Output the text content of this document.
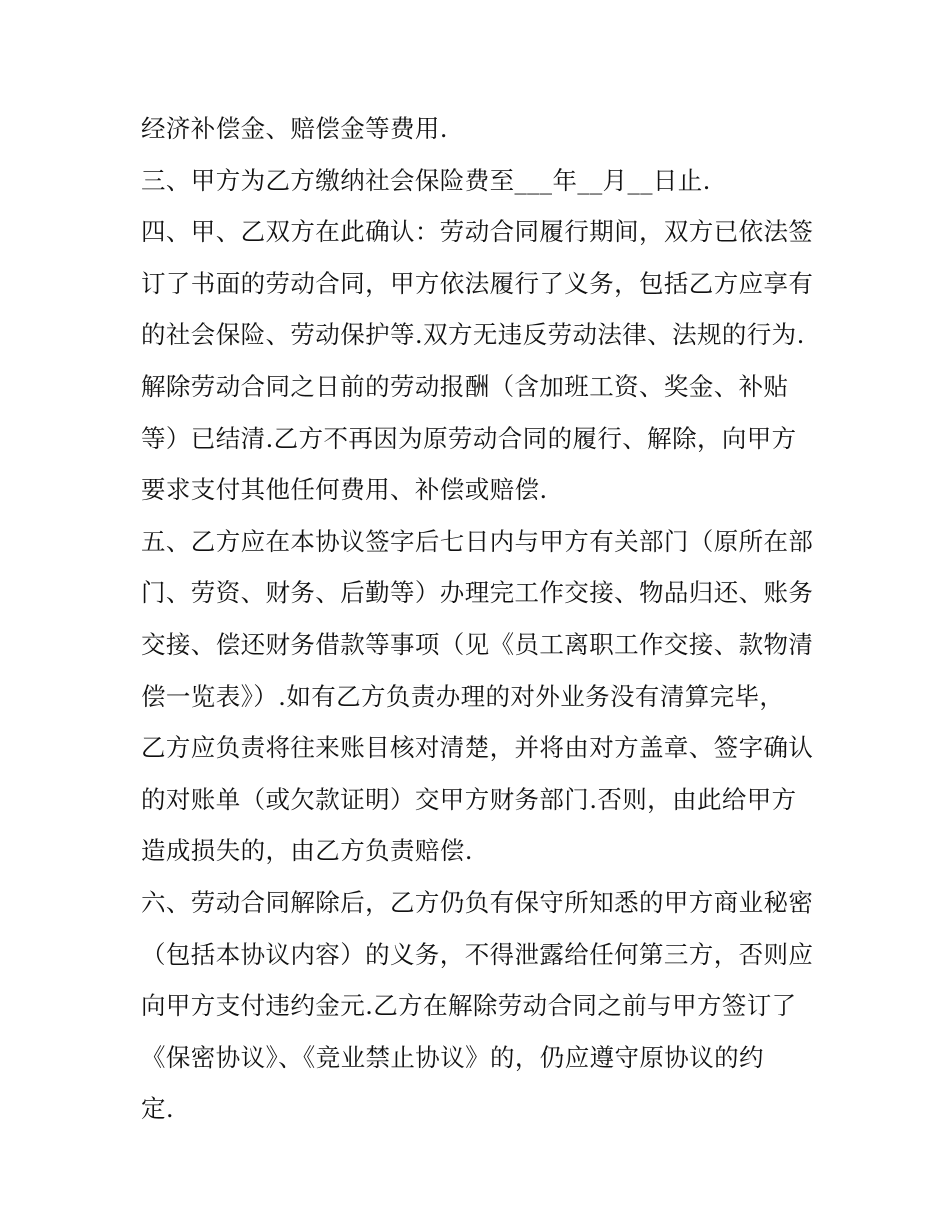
经济补偿金、赔偿金等费用.
三、甲方为乙方缴纳社会保险费至___年__月__日止.
四、甲、乙双方在此确认：劳动合同履行期间，双方已依法签
订了书面的劳动合同，甲方依法履行了义务，包括乙方应享有
的社会保险、劳动保护等.双方无违反劳动法律、法规的行为.
解除劳动合同之日前的劳动报酬（含加班工资、奖金、补贴
等）已结清.乙方不再因为原劳动合同的履行、解除，向甲方
要求支付其他任何费用、补偿或赔偿.
五、乙方应在本协议签字后七日内与甲方有关部门（原所在部
门、劳资、财务、后勤等）办理完工作交接、物品归还、账务
交接、偿还财务借款等事项（见《员工离职工作交接、款物清
偿一览表》）.如有乙方负责办理的对外业务没有清算完毕，
乙方应负责将往来账目核对清楚，并将由对方盖章、签字确认
的对账单（或欠款证明）交甲方财务部门.否则，由此给甲方
造成损失的，由乙方负责赔偿.
六、劳动合同解除后，乙方仍负有保守所知悉的甲方商业秘密
（包括本协议内容）的义务，不得泄露给任何第三方，否则应
向甲方支付违约金元.乙方在解除劳动合同之前与甲方签订了
《保密协议》、《竞业禁止协议》的，仍应遵守原协议的约
定.
